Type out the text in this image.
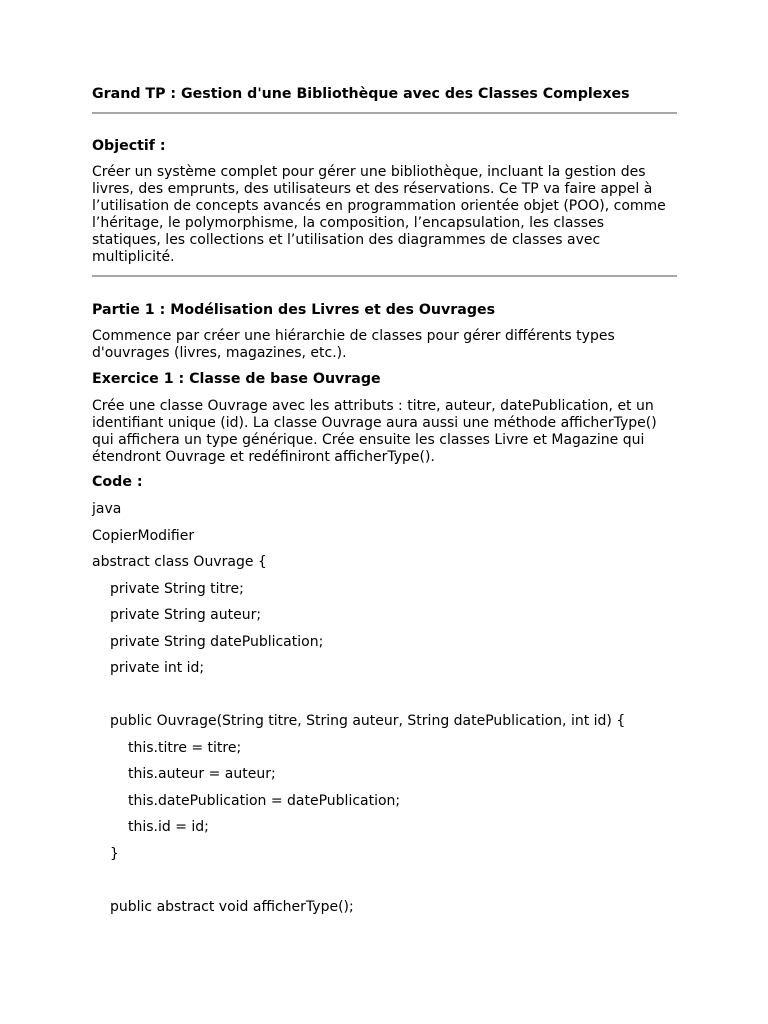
Grand TP : Gestion d'une Bibliothèque avec des Classes Complexes
Objectif :
Créer un système complet pour gérer une bibliothèque, incluant la gestion des livres, des emprunts, des utilisateurs et des réservations. Ce TP va faire appel à l’utilisation de concepts avancés en programmation orientée objet (POO), comme l’héritage, le polymorphisme, la composition, l’encapsulation, les classes statiques, les collections et l’utilisation des diagrammes de classes avec multiplicité.
Partie 1 : Modélisation des Livres et des Ouvrages
Commence par créer une hiérarchie de classes pour gérer différents types d'ouvrages (livres, magazines, etc.).
Exercice 1 : Classe de base Ouvrage
Crée une classe Ouvrage avec les attributs : titre, auteur, datePublication, et un identifiant unique (id). La classe Ouvrage aura aussi une méthode afficherType() qui affichera un type générique. Crée ensuite les classes Livre et Magazine qui étendront Ouvrage et redéfiniront afficherType().
Code :
java
CopierModifier
abstract class Ouvrage {
private String titre;
private String auteur;
private String datePublication;
private int id;
public Ouvrage(String titre, String auteur, String datePublication, int id) {
this.titre = titre;
this.auteur = auteur;
this.datePublication = datePublication;
this.id = id;
}
public abstract void afficherType();
